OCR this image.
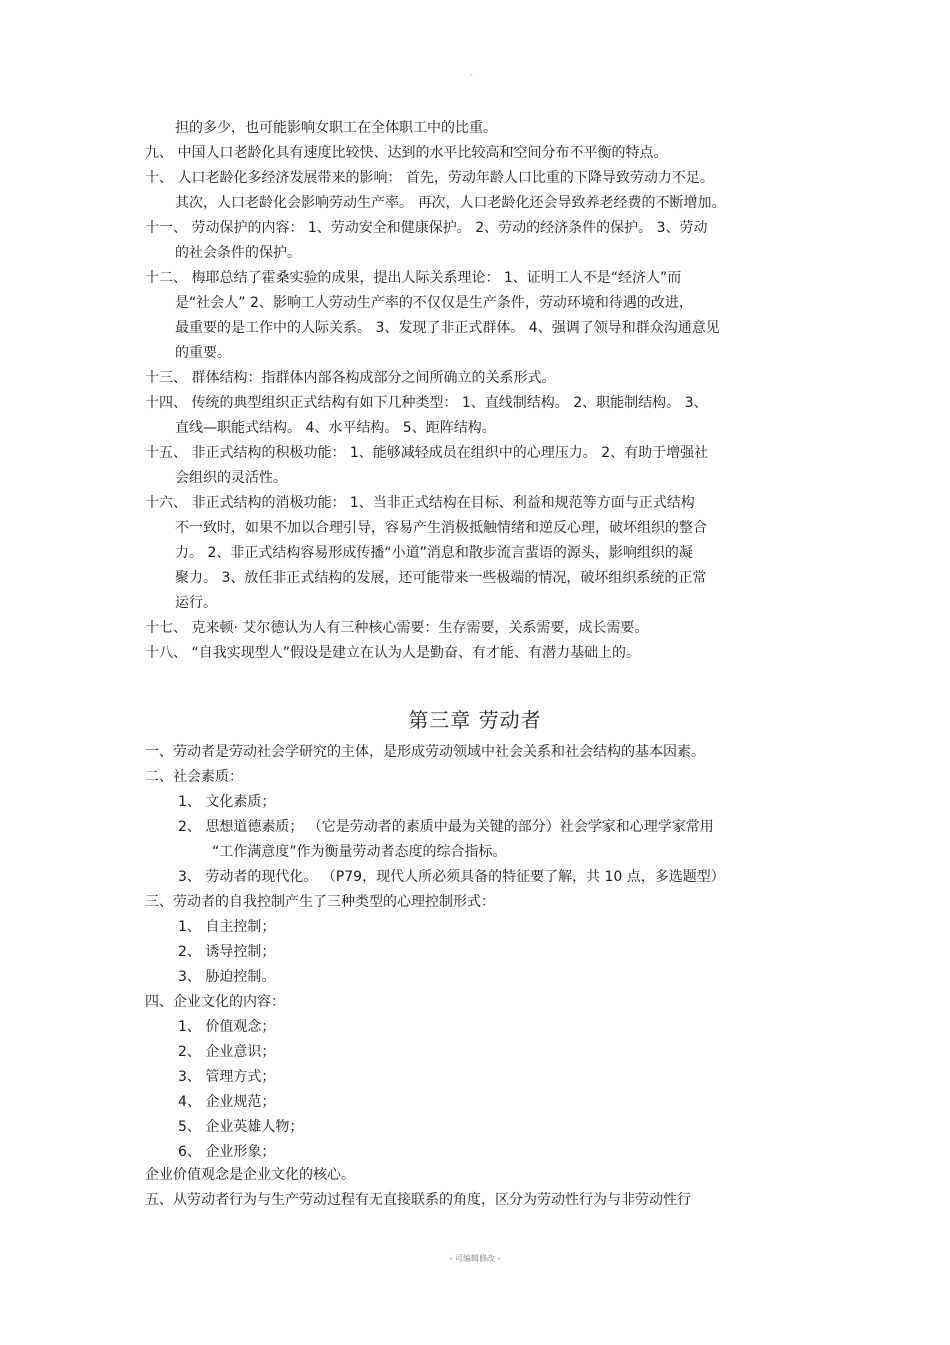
-
担的多少，也可能影响女职工在全体职工中的比重。
九、 中国人口老龄化具有速度比较快、达到的水平比较高和空间分布不平衡的特点。
十、 人口老龄化多经济发展带来的影响： 首先，劳动年龄人口比重的下降导致劳动力不足。
其次，人口老龄化会影响劳动生产率。 再次，人口老龄化还会导致养老经费的不断增加。
十一、 劳动保护的内容： 1、劳动安全和健康保护。 2、劳动的经济条件的保护。 3、劳动
的社会条件的保护。
十二、 梅耶总结了霍桑实验的成果，提出人际关系理论： 1、证明工人不是“经济人”而
是“社会人” 2、影响工人劳动生产率的不仅仅是生产条件，劳动环境和待遇的改进，
最重要的是工作中的人际关系。 3、发现了非正式群体。 4、强调了领导和群众沟通意见
的重要。
十三、 群体结构：指群体内部各构成部分之间所确立的关系形式。
十四、 传统的典型组织正式结构有如下几种类型： 1、直线制结构。 2、职能制结构。 3、
直线—职能式结构。 4、水平结构。 5、距阵结构。
十五、 非正式结构的积极功能： 1、能够减轻成员在组织中的心理压力。 2、有助于增强社
会组织的灵活性。
十六、 非正式结构的消极功能： 1、当非正式结构在目标、利益和规范等方面与正式结构
不一致时，如果不加以合理引导，容易产生消极抵触情绪和逆反心理，破坏组织的整合
力。 2、非正式结构容易形成传播“小道”消息和散步流言蜚语的源头，影响组织的凝
聚力。 3、放任非正式结构的发展，还可能带来一些极端的情况，破坏组织系统的正常
运行。
十七、 克来顿· 艾尔德认为人有三种核心需要：生存需要，关系需要，成长需要。
十八、 “自我实现型人”假设是建立在认为人是勤奋、有才能、有潜力基础上的。
第三章 劳动者
一、劳动者是劳动社会学研究的主体，是形成劳动领域中社会关系和社会结构的基本因素。
二、社会素质：
1、 文化素质；
2、 思想道德素质； （它是劳动者的素质中最为关键的部分）社会学家和心理学家常用
“工作满意度”作为衡量劳动者态度的综合指标。
3、 劳动者的现代化。 （P79，现代人所必须具备的特征要了解，共 10 点，多选题型）
三、劳动者的自我控制产生了三种类型的心理控制形式：
1、 自主控制；
2、 诱导控制；
3、 胁迫控制。
四、企业文化的内容：
1、 价值观念；
2、 企业意识；
3、 管理方式；
4、 企业规范；
5、 企业英雄人物；
6、 企业形象；
企业价值观念是企业文化的核心。
五、从劳动者行为与生产劳动过程有无直接联系的角度，区分为劳动性行为与非劳动性行
- 可编辑修改 -
